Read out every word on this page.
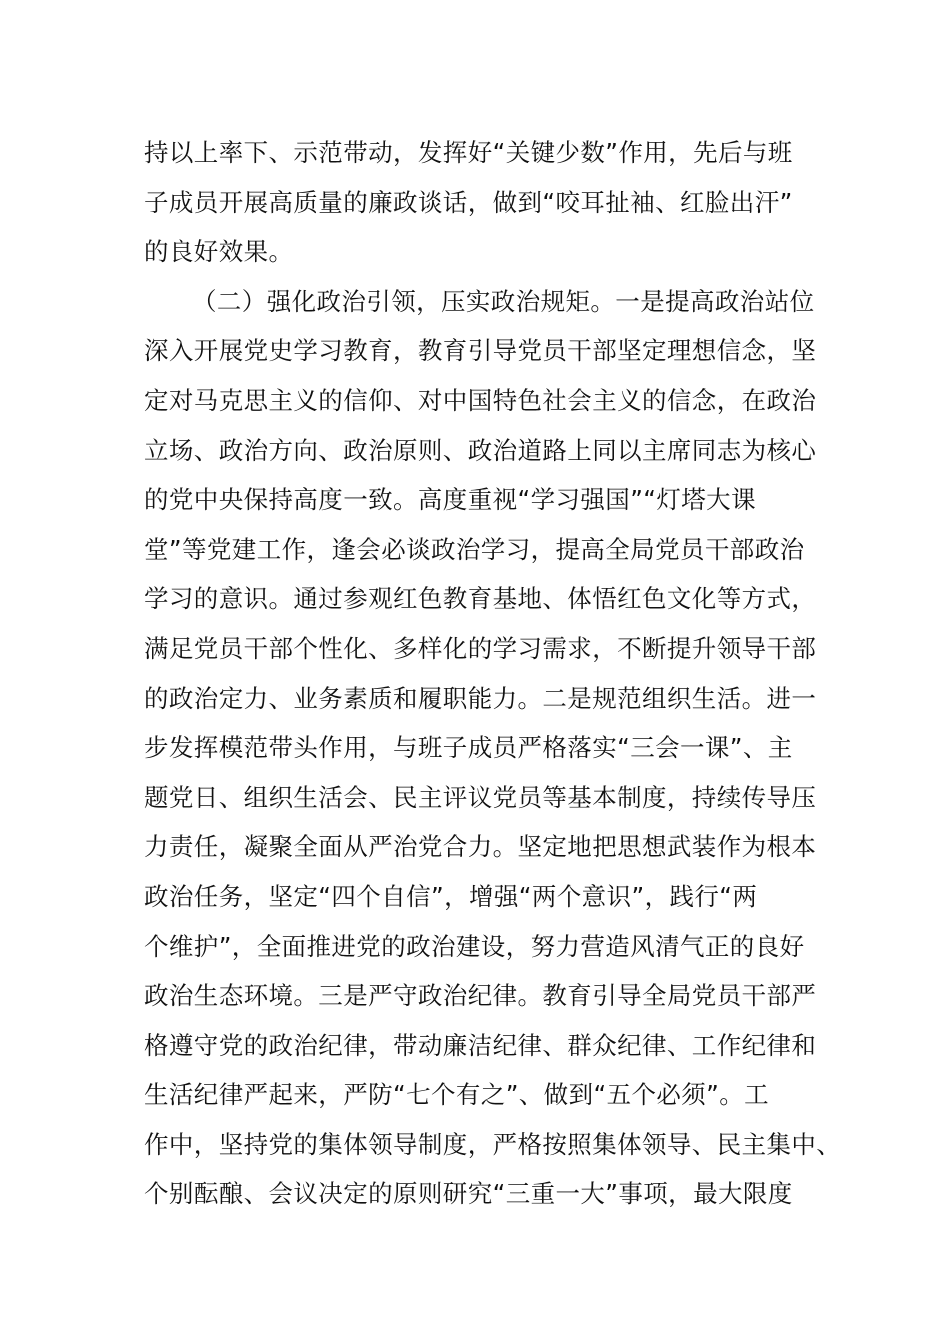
持以上率下、示范带动，发挥好“关键少数”作用，先后与班
子成员开展高质量的廉政谈话，做到“咬耳扯袖、红脸出汗”
的良好效果。
（二）强化政治引领，压实政治规矩。一是提高政治站位
深入开展党史学习教育，教育引导党员干部坚定理想信念，坚
定对马克思主义的信仰、对中国特色社会主义的信念，在政治
立场、政治方向、政治原则、政治道路上同以主席同志为核心
的党中央保持高度一致。高度重视“学习强国”“灯塔大课
堂”等党建工作，逢会必谈政治学习，提高全局党员干部政治
学习的意识。通过参观红色教育基地、体悟红色文化等方式，
满足党员干部个性化、多样化的学习需求，不断提升领导干部
的政治定力、业务素质和履职能力。二是规范组织生活。进一
步发挥模范带头作用，与班子成员严格落实“三会一课”、主
题党日、组织生活会、民主评议党员等基本制度，持续传导压
力责任，凝聚全面从严治党合力。坚定地把思想武装作为根本
政治任务，坚定“四个自信”，增强“两个意识”，践行“两
个维护”，全面推进党的政治建设，努力营造风清气正的良好
政治生态环境。三是严守政治纪律。教育引导全局党员干部严
格遵守党的政治纪律，带动廉洁纪律、群众纪律、工作纪律和
生活纪律严起来，严防“七个有之”、做到“五个必须”。工
作中，坚持党的集体领导制度，严格按照集体领导、民主集中、
个别酝酿、会议决定的原则研究“三重一大”事项，最大限度
